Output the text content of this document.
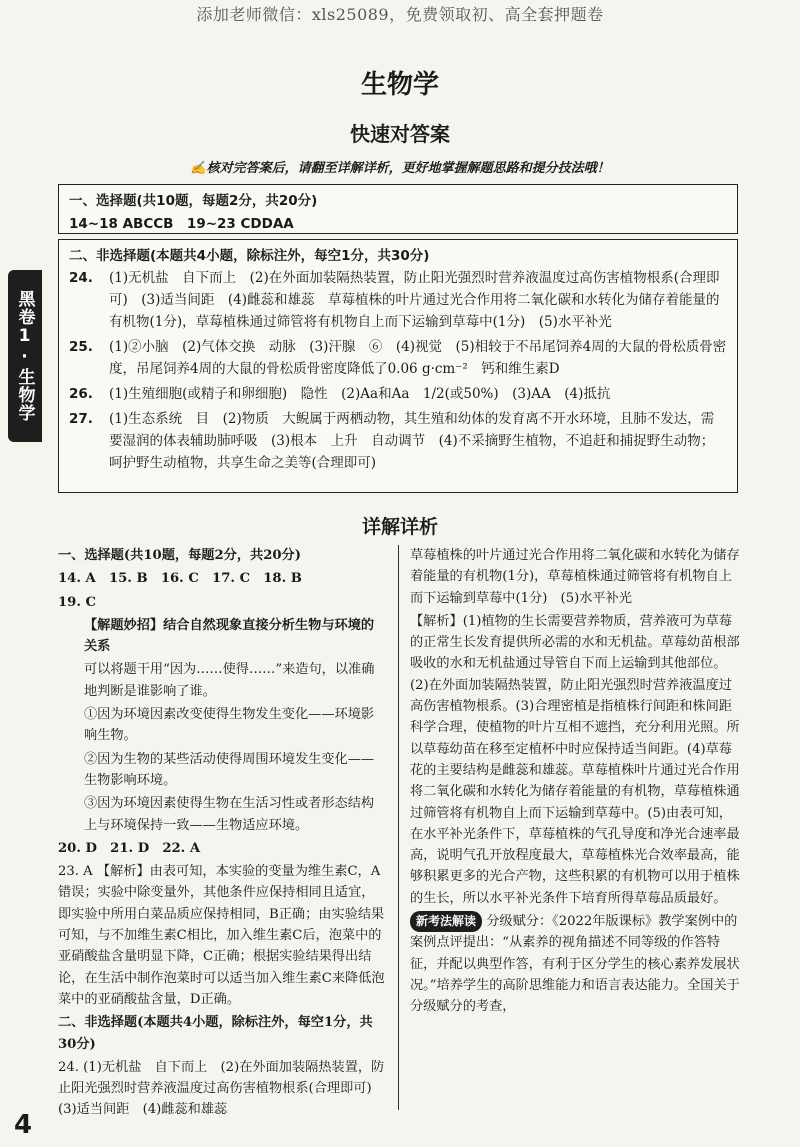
添加老师微信：xls25089，免费领取初、高全套押题卷
生物学
快速对答案
✍核对完答案后，请翻至详解详析，更好地掌握解题思路和提分技法哦！
一、选择题(共10题，每题2分，共20分)
14~18 ABCCB　19~23 CDDAA
二、非选择题(本题共4小题，除标注外，每空1分，共30分)
24.	(1)无机盐　自下而上　(2)在外面加装隔热装置，防止阳光强烈时营养液温度过高伤害植物根系(合理即可)　(3)适当间距　(4)雌蕊和雄蕊　草莓植株的叶片通过光合作用将二氧化碳和水转化为储存着能量的有机物(1分)，草莓植株通过筛管将有机物自上而下运输到草莓中(1分)　(5)水平补光
25.	(1)②小脑　(2)气体交换　动脉　(3)汗腺　⑥　(4)视觉　(5)相较于不吊尾饲养4周的大鼠的骨松质骨密度，吊尾饲养4周的大鼠的骨松质骨密度降低了0.06 g·cm⁻²　钙和维生素D
26.	(1)生殖细胞(或精子和卵细胞)　隐性　(2)Aa和Aa　1/2(或50%)　(3)AA　(4)抵抗
27.	(1)生态系统　目　(2)物质　大鲵属于两栖动物，其生殖和幼体的发育离不开水环境，且肺不发达，需要湿润的体表辅助肺呼吸　(3)根本　上升　自动调节　(4)不采摘野生植物，不追赶和捕捉野生动物；呵护野生动植物，共享生命之美等(合理即可)
黑卷1·生物学
详解详析

一、选择题(共10题，每题2分，共20分)

14. A　15. B　16. C　17. C　18. B

19. C

【解题妙招】结合自然现象直接分析生物与环境的关系

可以将题干用“因为……使得……”来造句，以准确地判断是谁影响了谁。

①因为环境因素改变使得生物发生变化——环境影响生物。

②因为生物的某些活动使得周围环境发生变化——生物影响环境。

③因为环境因素使得生物在生活习性或者形态结构上与环境保持一致——生物适应环境。

20. D　21. D　22. A

23. A 【解析】由表可知，本实验的变量为维生素C，A错误；实验中除变量外，其他条件应保持相同且适宜，即实验中所用白菜品质应保持相同，B正确；由实验结果可知，与不加维生素C相比，加入维生素C后，泡菜中的亚硝酸盐含量明显下降，C正确；根据实验结果得出结论，在生活中制作泡菜时可以适当加入维生素C来降低泡菜中的亚硝酸盐含量，D正确。

二、非选择题(本题共4小题，除标注外，每空1分，共30分)

24. (1)无机盐　自下而上　(2)在外面加装隔热装置，防止阳光强烈时营养液温度过高伤害植物根系(合理即可)　(3)适当间距　(4)雌蕊和雄蕊

草莓植株的叶片通过光合作用将二氧化碳和水转化为储存着能量的有机物(1分)，草莓植株通过筛管将有机物自上而下运输到草莓中(1分)　(5)水平补光

【解析】(1)植物的生长需要营养物质，营养液可为草莓的正常生长发育提供所必需的水和无机盐。草莓幼苗根部吸收的水和无机盐通过导管自下而上运输到其他部位。(2)在外面加装隔热装置，防止阳光强烈时营养液温度过高伤害植物根系。(3)合理密植是指植株行间距和株间距科学合理，使植物的叶片互相不遮挡，充分利用光照。所以草莓幼苗在移至定植杯中时应保持适当间距。(4)草莓花的主要结构是雌蕊和雄蕊。草莓植株叶片通过光合作用将二氧化碳和水转化为储存着能量的有机物，草莓植株通过筛管将有机物自上而下运输到草莓中。(5)由表可知，在水平补光条件下，草莓植株的气孔导度和净光合速率最高，说明气孔开放程度最大，草莓植株光合效率最高，能够积累更多的光合产物，这些积累的有机物可以用于植株的生长，所以水平补光条件下培育所得草莓品质最好。

新考法解读 分级赋分：《2022年版课标》教学案例中的案例点评提出：“从素养的视角描述不同等级的作答特征，并配以典型作答，有利于区分学生的核心素养发展状况。”培养学生的高阶思维能力和语言表达能力。全国关于分级赋分的考查，

4
